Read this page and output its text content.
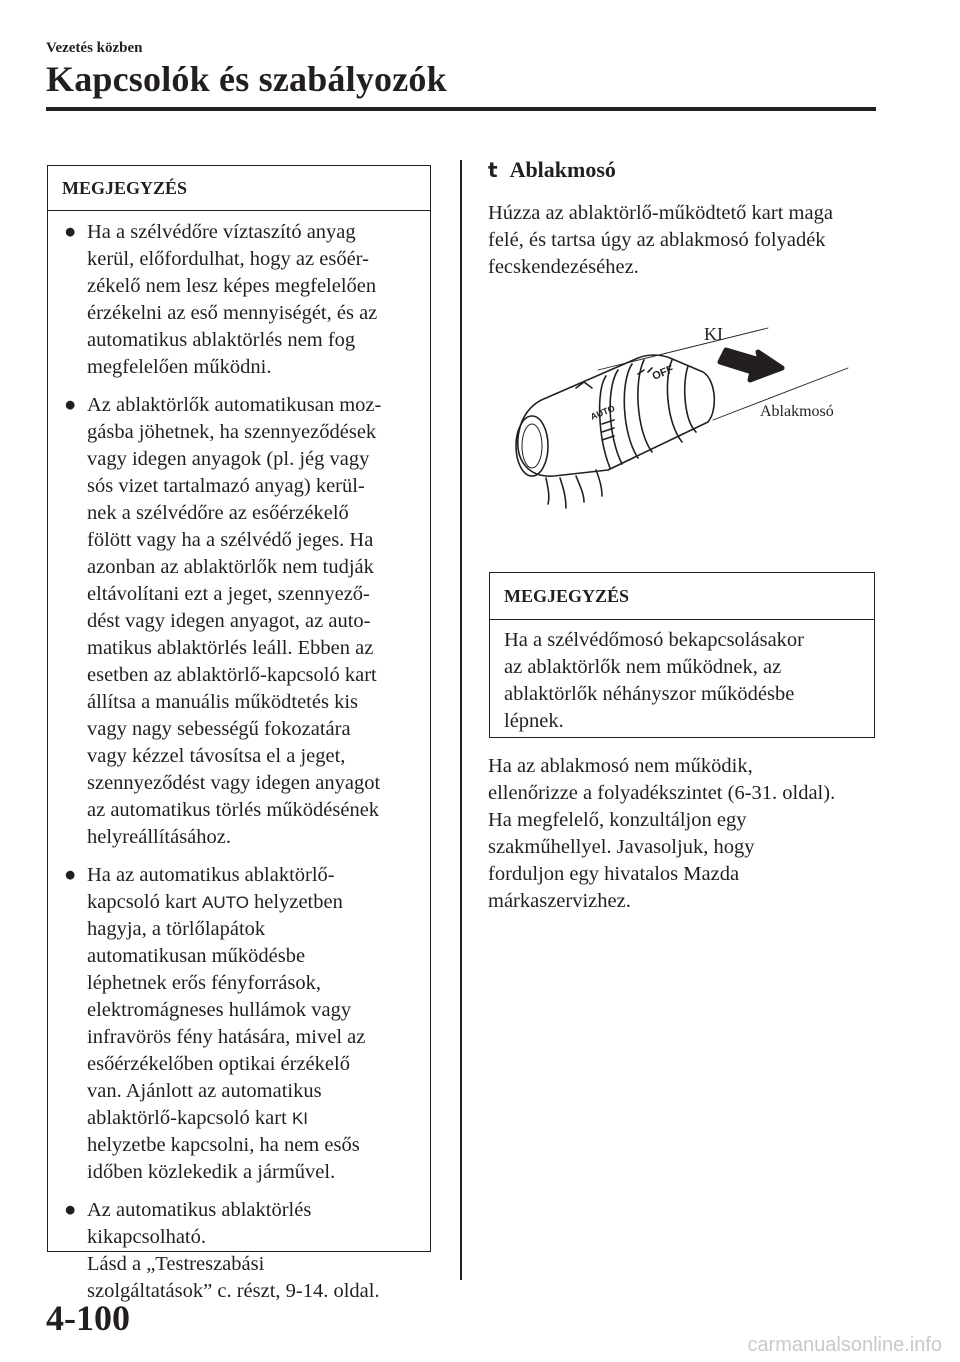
Vezetés közben
Kapcsolók és szabályozók
MEGJEGYZÉS
● Ha a szélvédőre víztaszító anyag
kerül, előfordulhat, hogy az esőér-
zékelő nem lesz képes megfelelően
érzékelni az eső mennyiségét, és az
automatikus ablaktörlés nem fog
megfelelően működni.
● Az ablaktörlők automatikusan moz-
gásba jöhetnek, ha szennyeződések
vagy idegen anyagok (pl. jég vagy
sós vizet tartalmazó anyag) kerül-
nek a szélvédőre az esőérzékelő
fölött vagy ha a szélvédő jeges. Ha
azonban az ablaktörlők nem tudják
eltávolítani ezt a jeget, szennyező-
dést vagy idegen anyagot, az auto-
matikus ablaktörlés leáll. Ebben az
esetben az ablaktörlő-kapcsoló kart
állítsa a manuális működtetés kis
vagy nagy sebességű fokozatára
vagy kézzel távosítsa el a jeget,
szennyeződést vagy idegen anyagot
az automatikus törlés működésének
helyreállításához.
● Ha az automatikus ablaktörlő-
kapcsoló kart AUTO helyzetben
hagyja, a törlőlapátok
automatikusan működésbe
léphetnek erős fényforrások,
elektromágneses hullámok vagy
infravörös fény hatására, mivel az
esőérzékelőben optikai érzékelő
van. Ajánlott az automatikus
ablaktörlő-kapcsoló kart KI
helyzetbe kapcsolni, ha nem esős
időben közlekedik a járművel.
● Az automatikus ablaktörlés
kikapcsolható.
Lásd a „Testreszabási
szolgáltatások” c. részt, 9-14. oldal.
t Ablakmosó
Húzza az ablaktörlő-működtető kart maga
felé, és tartsa úgy az ablakmosó folyadék
fecskendezéséhez.
OFF
AUTO
KI
Ablakmosó
MEGJEGYZÉS
Ha a szélvédőmosó bekapcsolásakor
az ablaktörlők nem működnek, az
ablaktörlők néhányszor működésbe
lépnek.
Ha az ablakmosó nem működik,
ellenőrizze a folyadékszintet (6-31. oldal).
Ha megfelelő, konzultáljon egy
szakműhellyel. Javasoljuk, hogy
forduljon egy hivatalos Mazda
márkaszervizhez.
4-100
carmanualsonline.info
